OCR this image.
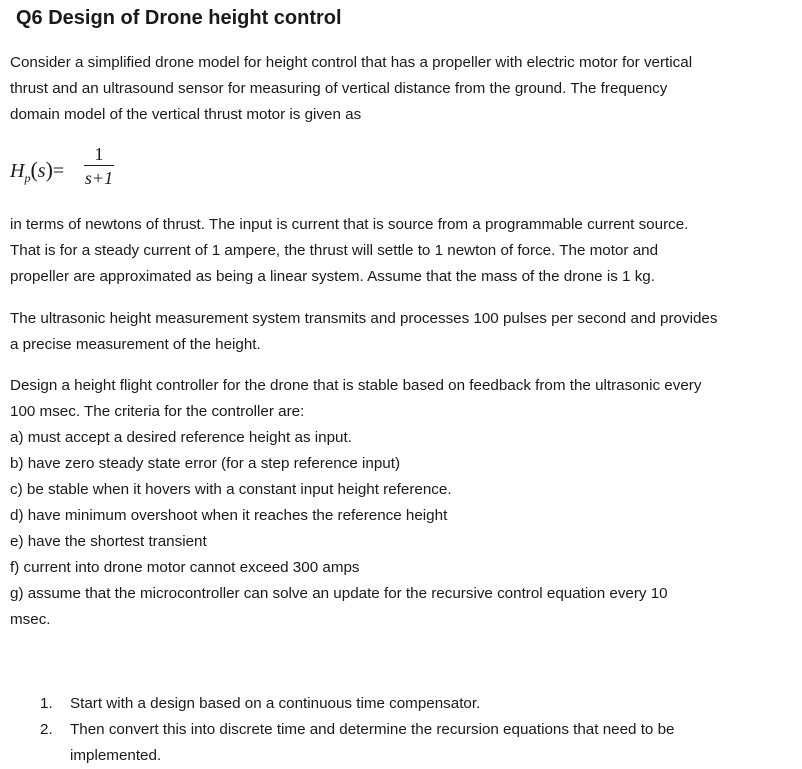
Q6 Design of Drone height control

Consider a simplified drone model for height control that has a propeller with electric motor for vertical
thrust and an ultrasound sensor for measuring of vertical distance from the ground. The frequency
domain model of the vertical thrust motor is given as

$H_p(s)=$
1
s+1

in terms of newtons of thrust. The input is current that is source from a programmable current source.
That is for a steady current of 1 ampere, the thrust will settle to 1 newton of force. The motor and
propeller are approximated as being a linear system. Assume that the mass of the drone is 1 kg.

The ultrasonic height measurement system transmits and processes 100 pulses per second and provides
a precise measurement of the height.

Design a height flight controller for the drone that is stable based on feedback from the ultrasonic every
100 msec. The criteria for the controller are:
a) must accept a desired reference height as input.
b) have zero steady state error (for a step reference input)
c) be stable when it hovers with a constant input height reference.
d) have minimum overshoot when it reaches the reference height
e) have the shortest transient
f) current into drone motor cannot exceed 300 amps
g) assume that the microcontroller can solve an update for the recursive control equation every 10
msec.

1. Start with a design based on a continuous time compensator.
2. Then convert this into discrete time and determine the recursion equations that need to be
implemented.
